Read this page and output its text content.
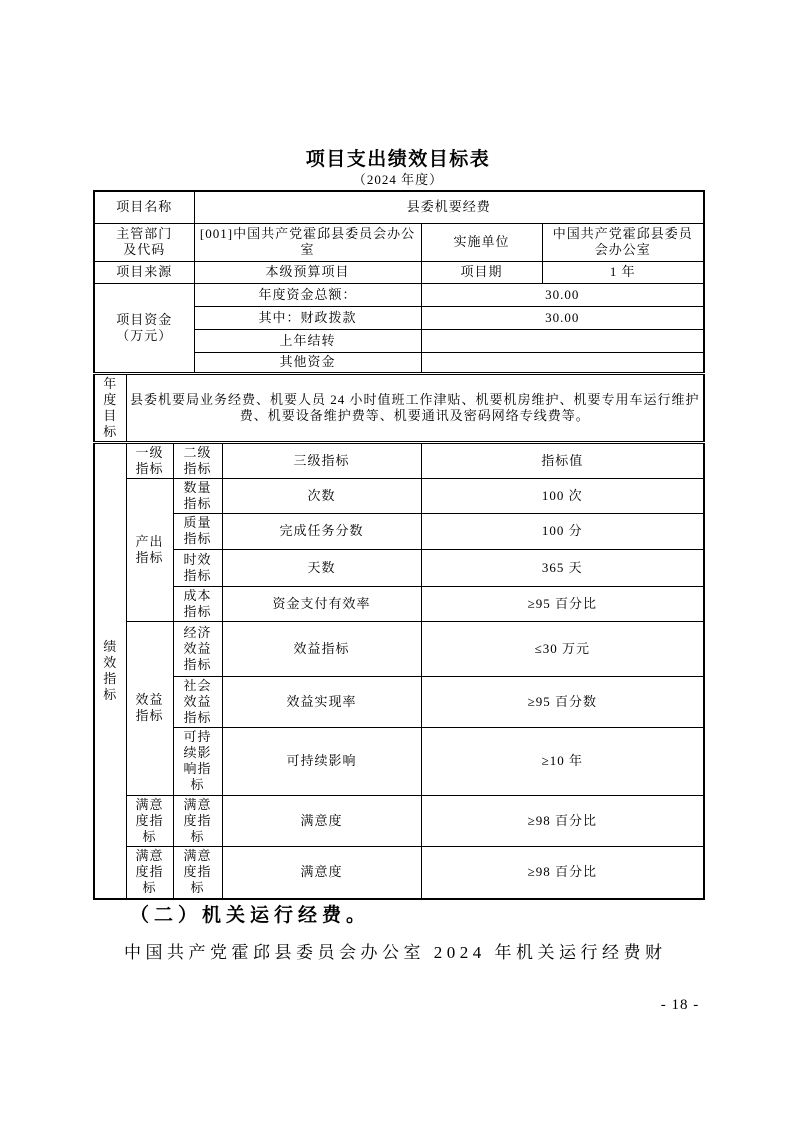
项目支出绩效目标表
（2024 年度）
项目名称			县委机要经费			
主管部门及代码			[001]中国共产党霍邱县委员会办公室		实施单位	中国共产党霍邱县委员会办公室
项目来源			本级预算项目		项目期	1 年
项目资金（万元）			年度资金总额：		30.00	
			其中：财政拨款		30.00	
			上年结转			
			其他资金			
年度目标	县委机要局业务经费、机要人员 24 小时值班工作津贴、机要机房维护、机要专用车运行维护费、机要设备维护费等、机要通讯及密码网络专线费等。					
绩效指标	一级指标	二级指标		三级指标	指标值	
	产出指标	数量指标		次数	100 次	
		质量指标		完成任务分数	100 分	
		时效指标		天数	365 天	
		成本指标		资金支付有效率	≥95 百分比	
	效益指标	经济效益指标		效益指标	≤30 万元	
		社会效益指标		效益实现率	≥95 百分数	
		可持续影响指标		可持续影响	≥10 年	
	满意度指标	满意度指标		满意度	≥98 百分比	
	满意度指标	满意度指标		满意度	≥98 百分比	
（二）机关运行经费。
中国共产党霍邱县委员会办公室 2024 年机关运行经费财
- 18 -
